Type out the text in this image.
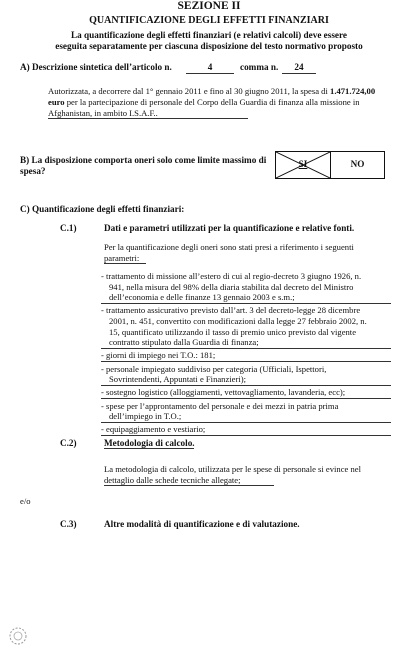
SEZIONE II
QUANTIFICAZIONE DEGLI EFFETTI FINANZIARI
La quantificazione degli effetti finanziari (e relativi calcoli) deve essere
eseguita separatamente per ciascuna disposizione del testo normativo proposto
A) Descrizione sintetica dell’articolo n.	4	comma n.	24
Autorizzata, a decorrere dal 1° gennaio 2011 e fino al 30 giugno 2011, la spesa di 1.471.724,00
euro per la partecipazione di personale del Corpo della Guardia di finanza alla missione in
Afghanistan, in ambito I.S.A.F..
B) La disposizione comporta oneri solo come limite massimo di
spesa?
SI	NO
C) Quantificazione degli effetti finanziari:
C.1)	Dati e parametri utilizzati per la quantificazione e relative fonti.
Per la quantificazione degli oneri sono stati presi a riferimento i seguenti
parametri:
- trattamento di missione all’estero di cui al regio-decreto 3 giugno 1926, n.
941, nella misura del 98% della diaria stabilita dal decreto del Ministro
dell’economia e delle finanze 13 gennaio 2003 e s.m.;
- trattamento assicurativo previsto dall’art. 3 del decreto-legge 28 dicembre
2001, n. 451, convertito con modificazioni dalla legge 27 febbraio 2002, n.
15, quantificato utilizzando il tasso di premio unico previsto dal vigente
contratto stipulato dalla Guardia di finanza;
- giorni di impiego nei T.O.: 181;
- personale impiegato suddiviso per categoria (Ufficiali, Ispettori,
Sovrintendenti, Appuntati e Finanzieri);
- sostegno logistico (alloggiamenti, vettovagliamento, lavanderia, ecc);
- spese per l’approntamento del personale e dei mezzi in patria prima
dell’impiego in T.O.;
- equipaggiamento e vestiario;
C.2)	Metodologia di calcolo.
La metodologia di calcolo, utilizzata per le spese di personale si evince nel
dettaglio dalle schede tecniche allegate;
e/o
C.3)	Altre modalità di quantificazione e di valutazione.
